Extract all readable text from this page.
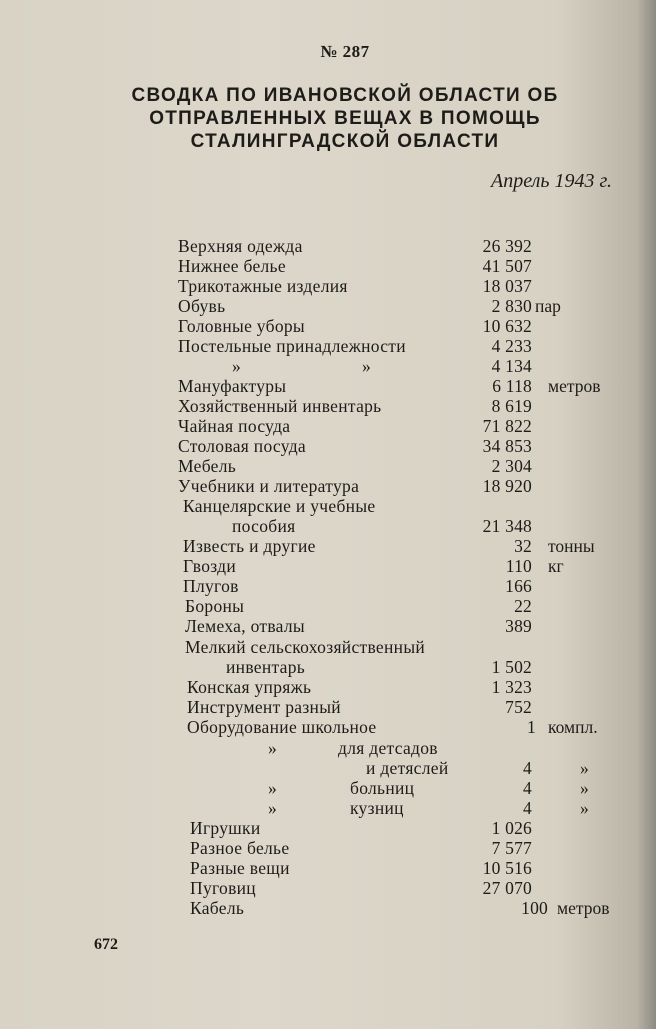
№ 287
СВОДКА ПО ИВАНОВСКОЙ ОБЛАСТИ ОБ
ОТПРАВЛЕННЫХ ВЕЩАХ В ПОМОЩЬ
СТАЛИНГРАДСКОЙ ОБЛАСТИ
Апрель 1943 г.
Верхняя одежда	26 392
Нижнее белье	41 507
Трикотажные изделия	18 037
Обувь	2 830 пар
Головные уборы	10 632
Постельные принадлежности	4 233
»	»	4 134
Мануфактуры	6 118 метров
Хозяйственный инвентарь	8 619
Чайная посуда	71 822
Столовая посуда	34 853
Мебель	2 304
Учебники и литература	18 920
Канцелярские и учебные
пособия	21 348
Известь и другие	32 тонны
Гвозди	110 кг
Плугов	166
Бороны	22
Лемеха, отвалы	389
Мелкий сельскохозяйственный
инвентарь	1 502
Конская упряжь	1 323
Инструмент разный	752
Оборудование школьное	1 компл.
»	для детсадов
и детяслей	4	»
»	больниц	4	»
»	кузниц	4	»
Игрушки	1 026
Разное белье	7 577
Разные вещи	10 516
Пуговиц	27 070
Кабель	100 метров
672
